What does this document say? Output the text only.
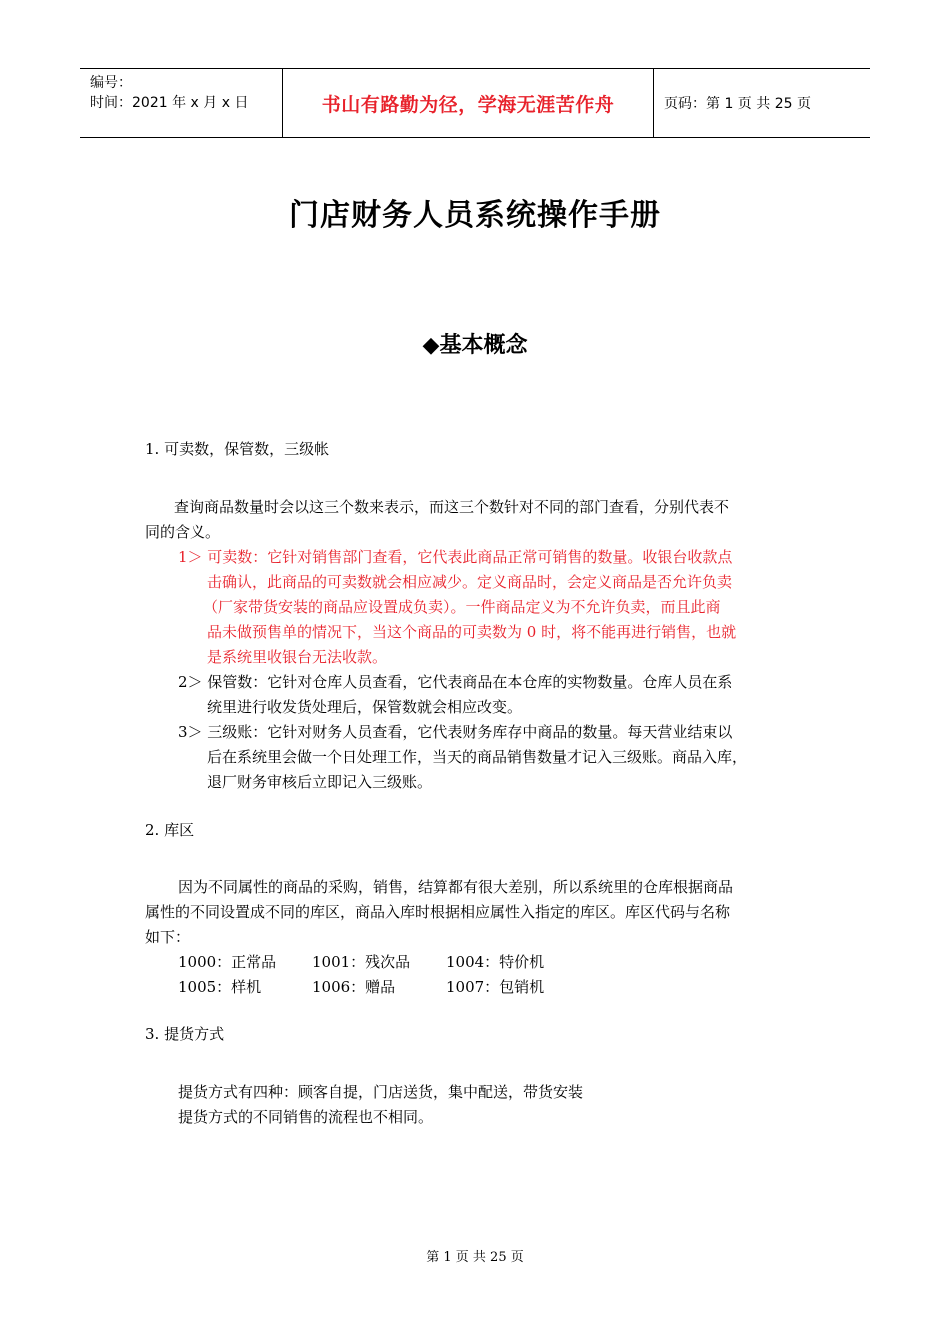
编号：
时间：2021 年 x 月 x 日	书山有路勤为径，学海无涯苦作舟	页码：第 1 页 共 25 页
门店财务人员系统操作手册
◆基本概念
1. 可卖数，保管数，三级帐
查询商品数量时会以这三个数来表示，而这三个数针对不同的部门查看，分别代表不
同的含义。
1＞ 可卖数：它针对销售部门查看，它代表此商品正常可销售的数量。收银台收款点
击确认，此商品的可卖数就会相应减少。定义商品时，会定义商品是否允许负卖
（厂家带货安装的商品应设置成负卖）。一件商品定义为不允许负卖，而且此商
品未做预售单的情况下，当这个商品的可卖数为 0 时，将不能再进行销售，也就
是系统里收银台无法收款。
2＞ 保管数：它针对仓库人员查看，它代表商品在本仓库的实物数量。仓库人员在系
统里进行收发货处理后，保管数就会相应改变。
3＞ 三级账：它针对财务人员查看，它代表财务库存中商品的数量。每天营业结束以
后在系统里会做一个日处理工作，当天的商品销售数量才记入三级账。商品入库，
退厂财务审核后立即记入三级账。
2. 库区
因为不同属性的商品的采购，销售，结算都有很大差别，所以系统里的仓库根据商品
属性的不同设置成不同的库区，商品入库时根据相应属性入指定的库区。库区代码与名称
如下：
1000：正常品 1001：残次品 1004：特价机
1005：样机	1006：赠品	1007：包销机
3. 提货方式
提货方式有四种：顾客自提，门店送货，集中配送，带货安装
提货方式的不同销售的流程也不相同。
第 1 页 共 25 页
